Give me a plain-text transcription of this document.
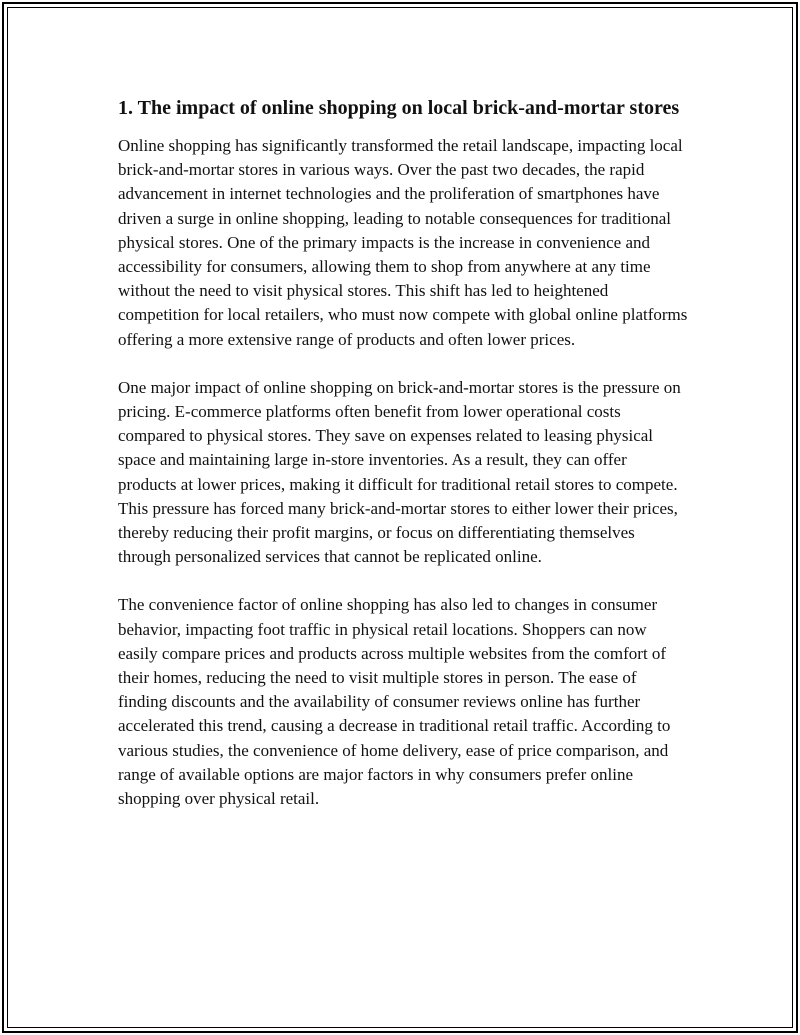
1. The impact of online shopping on local brick-and-mortar stores

Online shopping has significantly transformed the retail landscape, impacting local brick-and-mortar stores in various ways. Over the past two decades, the rapid advancement in internet technologies and the proliferation of smartphones have driven a surge in online shopping, leading to notable consequences for traditional physical stores. One of the primary impacts is the increase in convenience and accessibility for consumers, allowing them to shop from anywhere at any time without the need to visit physical stores. This shift has led to heightened competition for local retailers, who must now compete with global online platforms offering a more extensive range of products and often lower prices.

One major impact of online shopping on brick-and-mortar stores is the pressure on pricing. E-commerce platforms often benefit from lower operational costs compared to physical stores. They save on expenses related to leasing physical space and maintaining large in-store inventories. As a result, they can offer products at lower prices, making it difficult for traditional retail stores to compete. This pressure has forced many brick-and-mortar stores to either lower their prices, thereby reducing their profit margins, or focus on differentiating themselves through personalized services that cannot be replicated online.

The convenience factor of online shopping has also led to changes in consumer behavior, impacting foot traffic in physical retail locations. Shoppers can now easily compare prices and products across multiple websites from the comfort of their homes, reducing the need to visit multiple stores in person. The ease of finding discounts and the availability of consumer reviews online has further accelerated this trend, causing a decrease in traditional retail traffic. According to various studies, the convenience of home delivery, ease of price comparison, and range of available options are major factors in why consumers prefer online shopping over physical retail.
